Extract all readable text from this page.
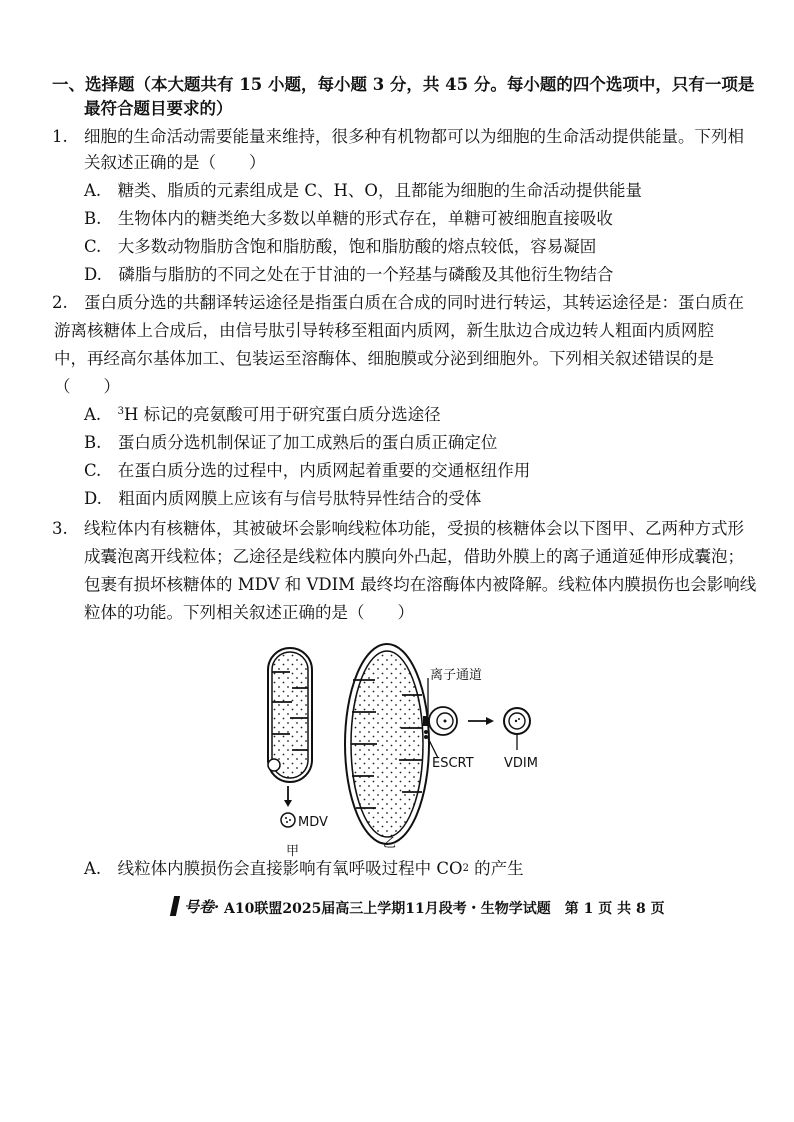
一、选择题（本大题共有 15 小题，每小题 3 分，共 45 分。每小题的四个选项中，只有一项是
最符合题目要求的）
1. 细胞的生命活动需要能量来维持，很多种有机物都可以为细胞的生命活动提供能量。下列相
关叙述正确的是（　　）
A.　糖类、脂质的元素组成是 C、H、O，且都能为细胞的生命活动提供能量
B.　生物体内的糖类绝大多数以单糖的形式存在，单糖可被细胞直接吸收
C.　大多数动物脂肪含饱和脂肪酸，饱和脂肪酸的熔点较低，容易凝固
D.　磷脂与脂肪的不同之处在于甘油的一个羟基与磷酸及其他衍生物结合
2. 蛋白质分选的共翻译转运途径是指蛋白质在合成的同时进行转运，其转运途径是：蛋白质在
游离核糖体上合成后，由信号肽引导转移至粗面内质网，新生肽边合成边转人粗面内质网腔
中，再经高尔基体加工、包装运至溶酶体、细胞膜或分泌到细胞外。下列相关叙述错误的是
（　　）
A.　$^3$H 标记的亮氨酸可用于研究蛋白质分选途径
B.　蛋白质分选机制保证了加工成熟后的蛋白质正确定位
C.　在蛋白质分选的过程中，内质网起着重要的交通枢纽作用
D.　粗面内质网膜上应该有与信号肽特异性结合的受体
3. 线粒体内有核糖体，其被破坏会影响线粒体功能，受损的核糖体会以下图甲、乙两种方式形
成囊泡离开线粒体；乙途径是线粒体内膜向外凸起，借助外膜上的离子通道延伸形成囊泡；
包裹有损坏核糖体的 MDV 和 VDIM 最终均在溶酶体内被降解。线粒体内膜损伤也会影响线
粒体的功能。下列相关叙述正确的是（　　）
离子通道
ESCRT VDIM
MDV
甲
乙
A.　线粒体内膜损伤会直接影响有氧呼吸过程中 CO2 的产生
号卷· A10联盟2025届高三上学期11月段考・生物学试题　第 1 页 共 8 页
